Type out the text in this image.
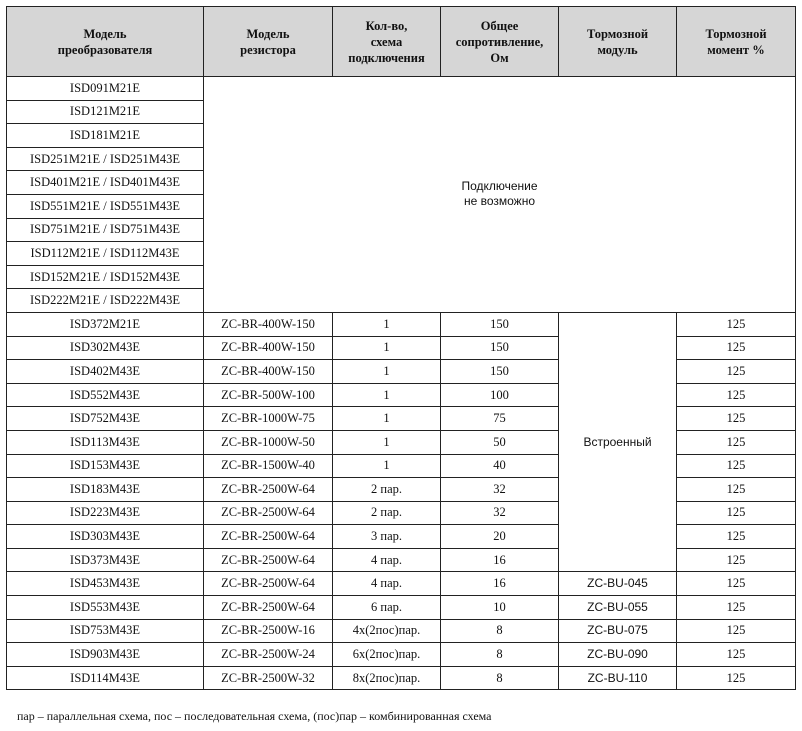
Модель
преобразователя	Модель
резистора	Кол-во,
схема
подключения	Общее
сопротивление,
Ом	Тормозной
модуль	Тормозной
момент %

ISD091M21E	Подключение
не возможно				

ISD121M21E					
ISD181M21E					
ISD251M21E / ISD251M43E					
ISD401M21E / ISD401M43E					
ISD551M21E / ISD551M43E					
ISD751M21E / ISD751M43E					
ISD112M21E / ISD112M43E					
ISD152M21E / ISD152M43E					
ISD222M21E / ISD222M43E					
ISD372M21E	ZC-BR-400W-150	1	150	Встроенный	125
ISD302M43E	ZC-BR-400W-150	1	150		125
ISD402M43E	ZC-BR-400W-150	1	150		125
ISD552M43E	ZC-BR-500W-100	1	100		125
ISD752M43E	ZC-BR-1000W-75	1	75		125
ISD113M43E	ZC-BR-1000W-50	1	50		125
ISD153M43E	ZC-BR-1500W-40	1	40		125
ISD183M43E	ZC-BR-2500W-64	2 пар.	32		125
ISD223M43E	ZC-BR-2500W-64	2 пар.	32		125
ISD303M43E	ZC-BR-2500W-64	3 пар.	20		125
ISD373M43E	ZC-BR-2500W-64	4 пар.	16		125
ISD453M43E	ZC-BR-2500W-64	4 пар.	16	ZC-BU-045	125
ISD553M43E	ZC-BR-2500W-64	6 пар.	10	ZC-BU-055	125
ISD753M43E	ZC-BR-2500W-16	4x(2пос)пар.	8	ZC-BU-075	125
ISD903M43E	ZC-BR-2500W-24	6x(2пос)пар.	8	ZC-BU-090	125
ISD114M43E	ZC-BR-2500W-32	8x(2пос)пар.	8	ZC-BU-110	125
пар – параллельная схема, пос – последовательная схема, (пос)пар – комбинированная схема
